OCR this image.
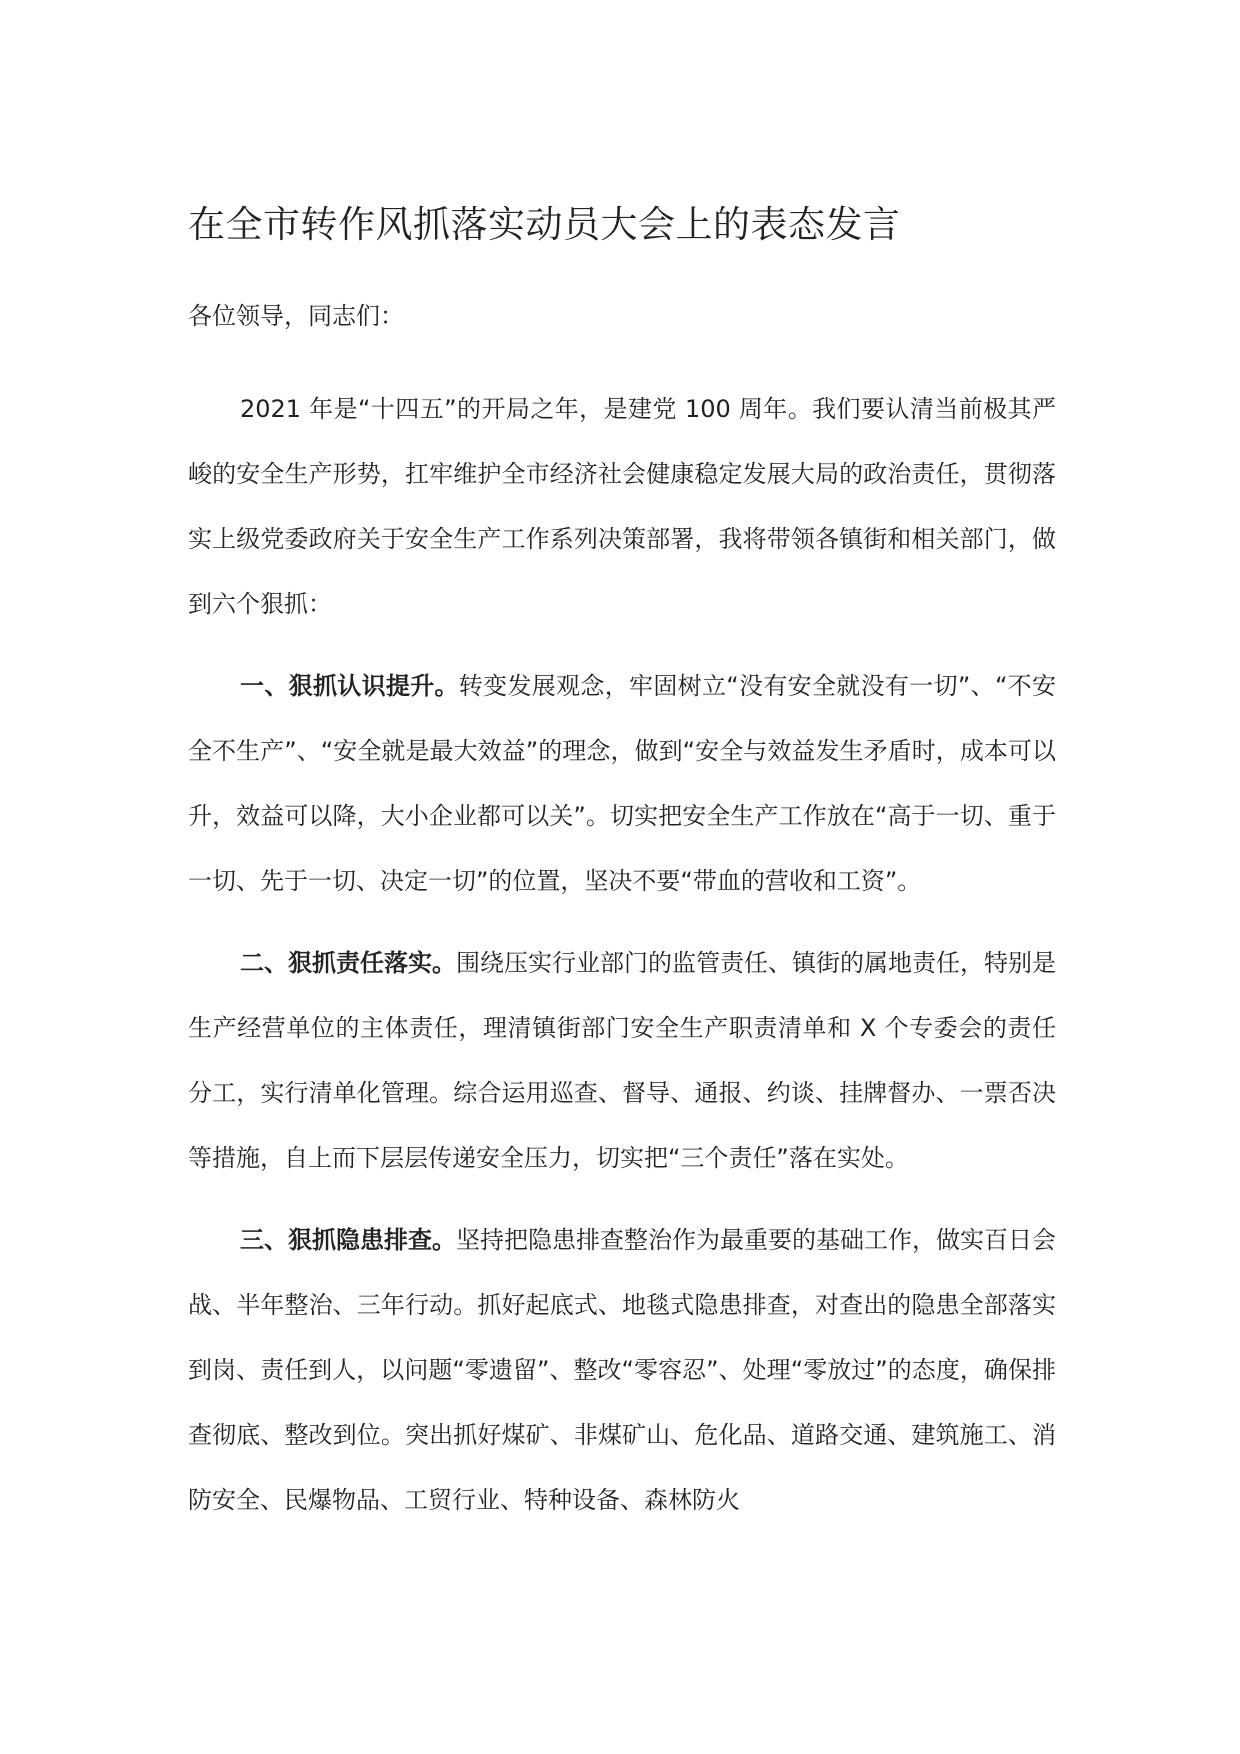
在全市转作风抓落实动员大会上的表态发言

各位领导，同志们：

2021 年是“十四五”的开局之年，是建党 100 周年。我们要认清当前极其严峻的安全生产形势，扛牢维护全市经济社会健康稳定发展大局的政治责任，贯彻落实上级党委政府关于安全生产工作系列决策部署，我将带领各镇街和相关部门，做到六个狠抓：

一、狠抓认识提升。转变发展观念，牢固树立“没有安全就没有一切”、“不安全不生产”、“安全就是最大效益”的理念，做到“安全与效益发生矛盾时，成本可以升，效益可以降，大小企业都可以关”。切实把安全生产工作放在“高于一切、重于一切、先于一切、决定一切”的位置，坚决不要“带血的营收和工资”。

二、狠抓责任落实。围绕压实行业部门的监管责任、镇街的属地责任，特别是生产经营单位的主体责任，理清镇街部门安全生产职责清单和 X 个专委会的责任分工，实行清单化管理。综合运用巡查、督导、通报、约谈、挂牌督办、一票否决等措施，自上而下层层传递安全压力，切实把“三个责任”落在实处。

三、狠抓隐患排查。坚持把隐患排查整治作为最重要的基础工作，做实百日会战、半年整治、三年行动。抓好起底式、地毯式隐患排查，对查出的隐患全部落实到岗、责任到人，以问题“零遗留”、整改“零容忍”、处理“零放过”的态度，确保排查彻底、整改到位。突出抓好煤矿、非煤矿山、危化品、道路交通、建筑施工、消防安全、民爆物品、工贸行业、特种设备、森林防火
